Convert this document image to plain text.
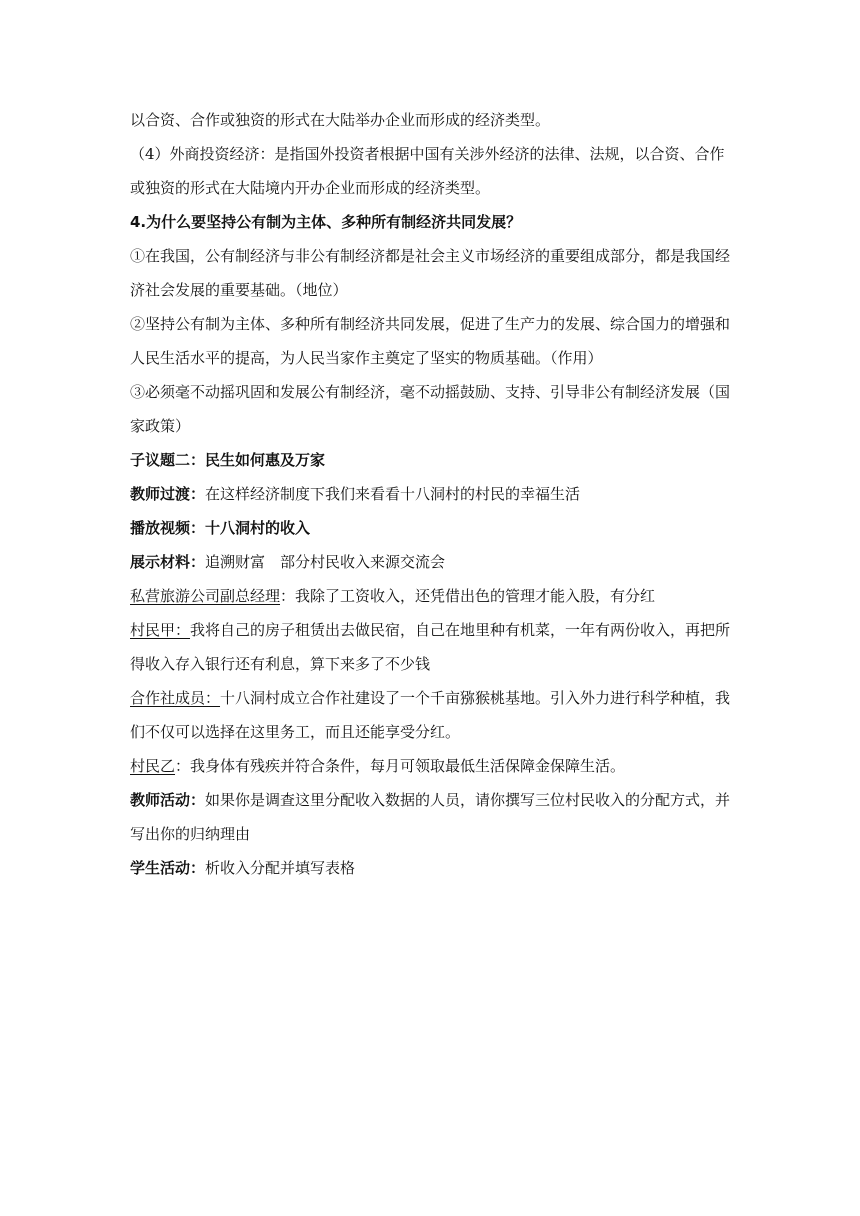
以合资、合作或独资的形式在大陆举办企业而形成的经济类型。
（4）外商投资经济：是指国外投资者根据中国有关涉外经济的法律、法规，以合资、合作
或独资的形式在大陆境内开办企业而形成的经济类型。
4.为什么要坚持公有制为主体、多种所有制经济共同发展？
①在我国，公有制经济与非公有制经济都是社会主义市场经济的重要组成部分，都是我国经
济社会发展的重要基础。（地位）
②坚持公有制为主体、多种所有制经济共同发展，促进了生产力的发展、综合国力的增强和
人民生活水平的提高，为人民当家作主奠定了坚实的物质基础。（作用）
③必须毫不动摇巩固和发展公有制经济，毫不动摇鼓励、支持、引导非公有制经济发展（国
家政策）
子议题二：民生如何惠及万家
教师过渡：在这样经济制度下我们来看看十八洞村的村民的幸福生活
播放视频：十八洞村的收入
展示材料：追溯财富　部分村民收入来源交流会
私营旅游公司副总经理：我除了工资收入，还凭借出色的管理才能入股，有分红
村民甲：我将自己的房子租赁出去做民宿，自己在地里种有机菜，一年有两份收入，再把所
得收入存入银行还有利息，算下来多了不少钱
合作社成员：十八洞村成立合作社建设了一个千亩猕猴桃基地。引入外力进行科学种植，我
们不仅可以选择在这里务工，而且还能享受分红。
村民乙：我身体有残疾并符合条件，每月可领取最低生活保障金保障生活。
教师活动：如果你是调查这里分配收入数据的人员，请你撰写三位村民收入的分配方式，并
写出你的归纳理由
学生活动：析收入分配并填写表格
